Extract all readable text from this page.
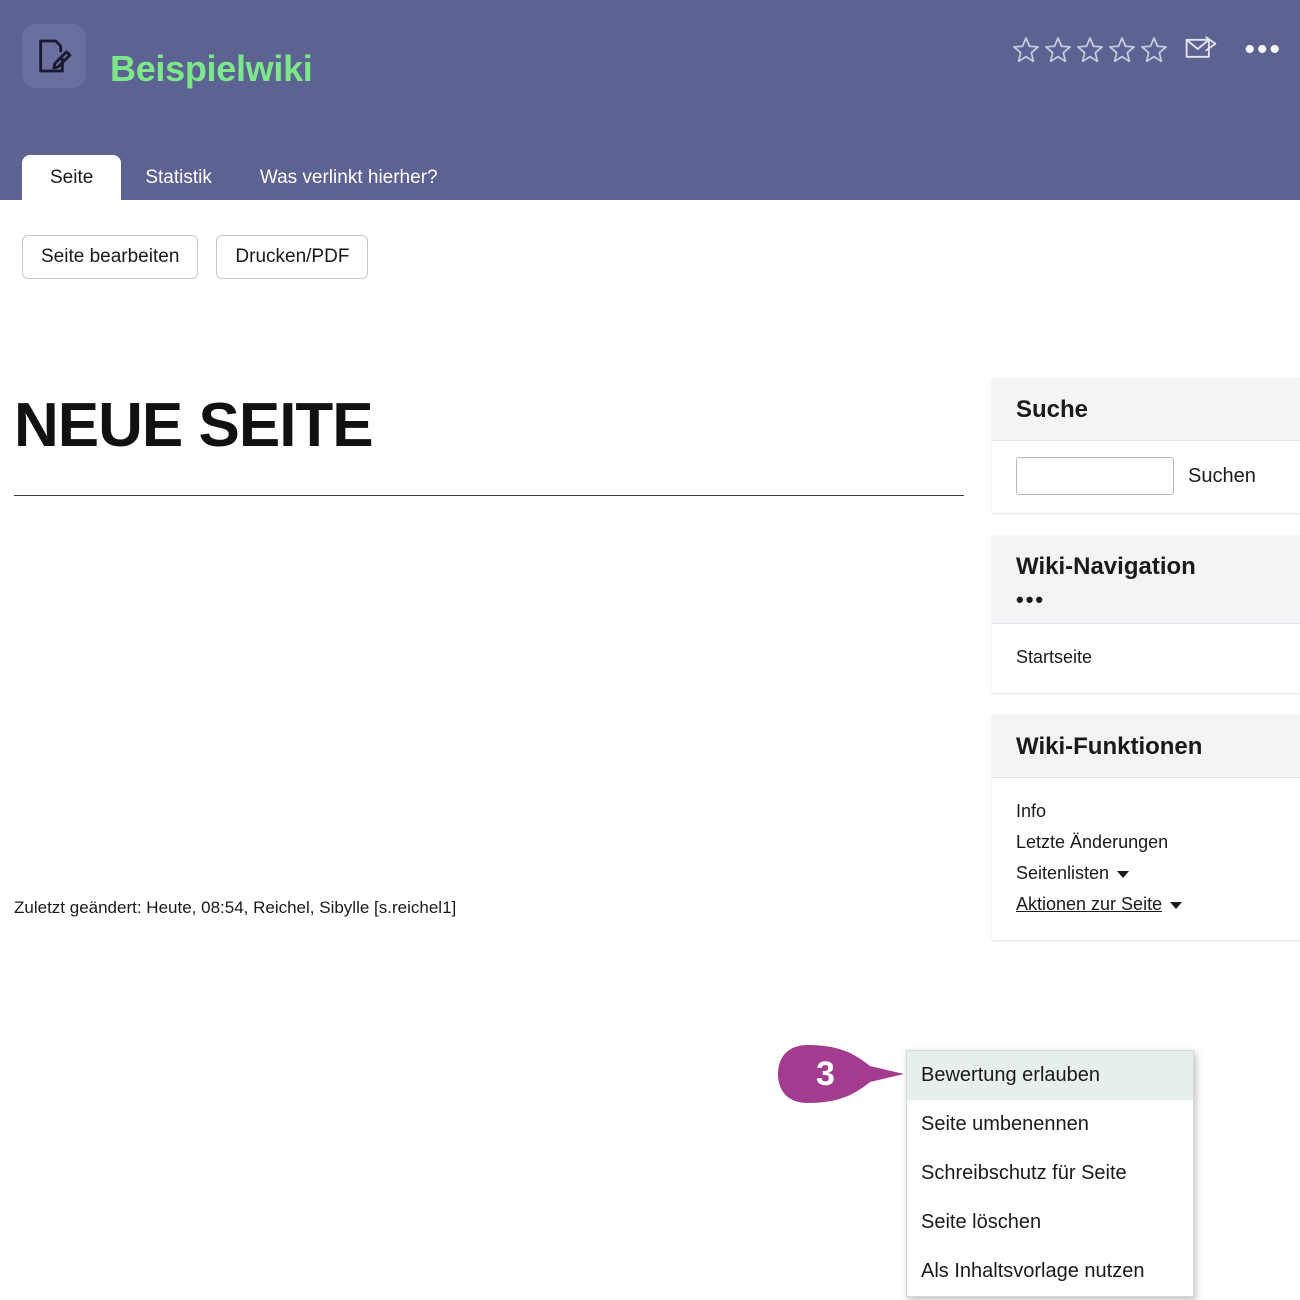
Beispielwiki	•••
Seite	Statistik	Was verlinkt hierher?
Seite bearbeiten	Drucken/PDF
NEUE SEITE
Zuletzt geändert: Heute, 08:54, Reichel, Sibylle [s.reichel1]
Suche
Suchen
Wiki-Navigation
•••
Startseite
Wiki-Funktionen
Info
Letzte Änderungen
Seitenlisten
Aktionen zur Seite
Bewertung erlauben
Seite umbenennen
Schreibschutz für Seite
Seite löschen
Als Inhaltsvorlage nutzen
3
